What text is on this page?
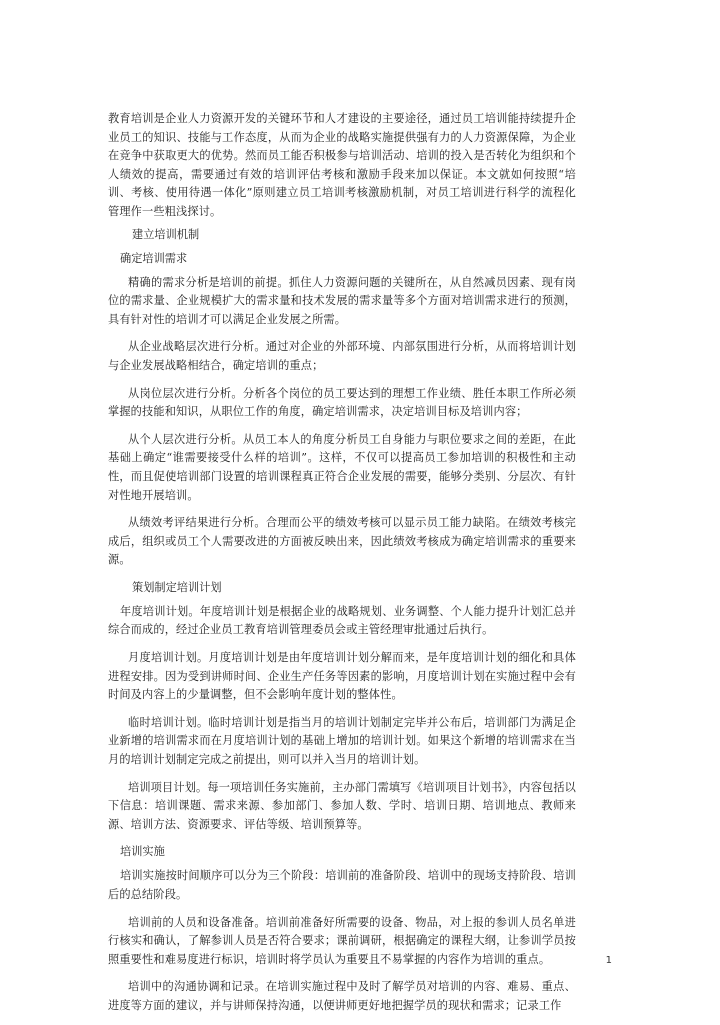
教育培训是企业人力资源开发的关键环节和人才建设的主要途径，通过员工培训能持续提升企业员工的知识、技能与工作态度，从而为企业的战略实施提供强有力的人力资源保障，为企业在竞争中获取更大的优势。然而员工能否积极参与培训活动、培训的投入是否转化为组织和个人绩效的提高，需要通过有效的培训评估考核和激励手段来加以保证。本文就如何按照“培训、考核、使用待遇一体化”原则建立员工培训考核激励机制，对员工培训进行科学的流程化管理作一些粗浅探讨。

建立培训机制
确定培训需求

精确的需求分析是培训的前提。抓住人力资源问题的关键所在，从自然减员因素、现有岗位的需求量、企业规模扩大的需求量和技术发展的需求量等多个方面对培训需求进行的预测，具有针对性的培训才可以满足企业发展之所需。

从企业战略层次进行分析。通过对企业的外部环境、内部氛围进行分析，从而将培训计划与企业发展战略相结合，确定培训的重点；

从岗位层次进行分析。分析各个岗位的员工要达到的理想工作业绩、胜任本职工作所必须掌握的技能和知识，从职位工作的角度，确定培训需求，决定培训目标及培训内容；

从个人层次进行分析。从员工本人的角度分析员工自身能力与职位要求之间的差距，在此基础上确定“谁需要接受什么样的培训”。这样，不仅可以提高员工参加培训的积极性和主动性，而且促使培训部门设置的培训课程真正符合企业发展的需要，能够分类别、分层次、有针对性地开展培训。

从绩效考评结果进行分析。合理而公平的绩效考核可以显示员工能力缺陷。在绩效考核完成后，组织或员工个人需要改进的方面被反映出来，因此绩效考核成为确定培训需求的重要来源。

策划制定培训计划

年度培训计划。年度培训计划是根据企业的战略规划、业务调整、个人能力提升计划汇总并综合而成的，经过企业员工教育培训管理委员会或主管经理审批通过后执行。

月度培训计划。月度培训计划是由年度培训计划分解而来，是年度培训计划的细化和具体进程安排。因为受到讲师时间、企业生产任务等因素的影响，月度培训计划在实施过程中会有时间及内容上的少量调整，但不会影响年度计划的整体性。

临时培训计划。临时培训计划是指当月的培训计划制定完毕并公布后，培训部门为满足企业新增的培训需求而在月度培训计划的基础上增加的培训计划。如果这个新增的培训需求在当月的培训计划制定完成之前提出，则可以并入当月的培训计划。

培训项目计划。每一项培训任务实施前，主办部门需填写《培训项目计划书》，内容包括以下信息：培训课题、需求来源、参加部门、参加人数、学时、培训日期、培训地点、教师来源、培训方法、资源要求、评估等级、培训预算等。

培训实施

培训实施按时间顺序可以分为三个阶段：培训前的准备阶段、培训中的现场支持阶段、培训后的总结阶段。

培训前的人员和设备准备。培训前准备好所需要的设备、物品，对上报的参训人员名单进行核实和确认，了解参训人员是否符合要求；课前调研，根据确定的课程大纲，让参训学员按照重要性和难易度进行标识，培训时将学员认为重要且不易掌握的内容作为培训的重点。

培训中的沟通协调和记录。在培训实施过程中及时了解学员对培训的内容、难易、重点、进度等方面的建议，并与讲师保持沟通，以便讲师更好地把握学员的现状和需求；记录工作

1
